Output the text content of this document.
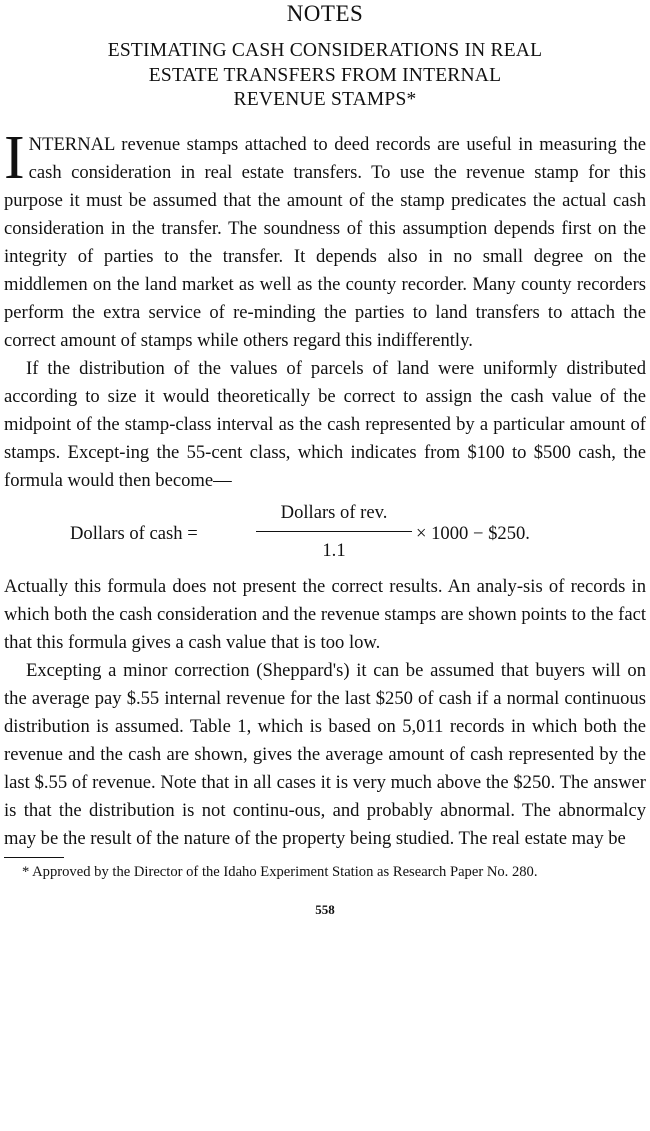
NOTES
ESTIMATING CASH CONSIDERATIONS IN REAL
ESTATE TRANSFERS FROM INTERNAL
REVENUE STAMPS*

INTERNAL revenue stamps attached to deed records are useful in measuring the cash consideration in real estate transfers. To use the revenue stamp for this purpose it must be assumed that the amount of the stamp predicates the actual cash consideration in the transfer. The soundness of this assumption depends first on the integrity of parties to the transfer. It depends also in no small degree on the middlemen on the land market as well as the county recorder. Many county recorders perform the extra service of re-minding the parties to land transfers to attach the correct amount of stamps while others regard this indifferently.

If the distribution of the values of parcels of land were uniformly distributed according to size it would theoretically be correct to assign the cash value of the midpoint of the stamp-class interval as the cash represented by a particular amount of stamps. Except-ing the 55-cent class, which indicates from $100 to $500 cash, the formula would then become—

Dollars of cash =
Dollars of rev.
1.1
× 1000 − $250.

Actually this formula does not present the correct results. An analy-sis of records in which both the cash consideration and the revenue stamps are shown points to the fact that this formula gives a cash value that is too low.

Excepting a minor correction (Sheppard's) it can be assumed that buyers will on the average pay $.55 internal revenue for the last $250 of cash if a normal continuous distribution is assumed. Table 1, which is based on 5,011 records in which both the revenue and the cash are shown, gives the average amount of cash represented by the last $.55 of revenue. Note that in all cases it is very much above the $250. The answer is that the distribution is not continu-ous, and probably abnormal. The abnormalcy may be the result of the nature of the property being studied. The real estate may be

* Approved by the Director of the Idaho Experiment Station as Research Paper No. 280.

558
